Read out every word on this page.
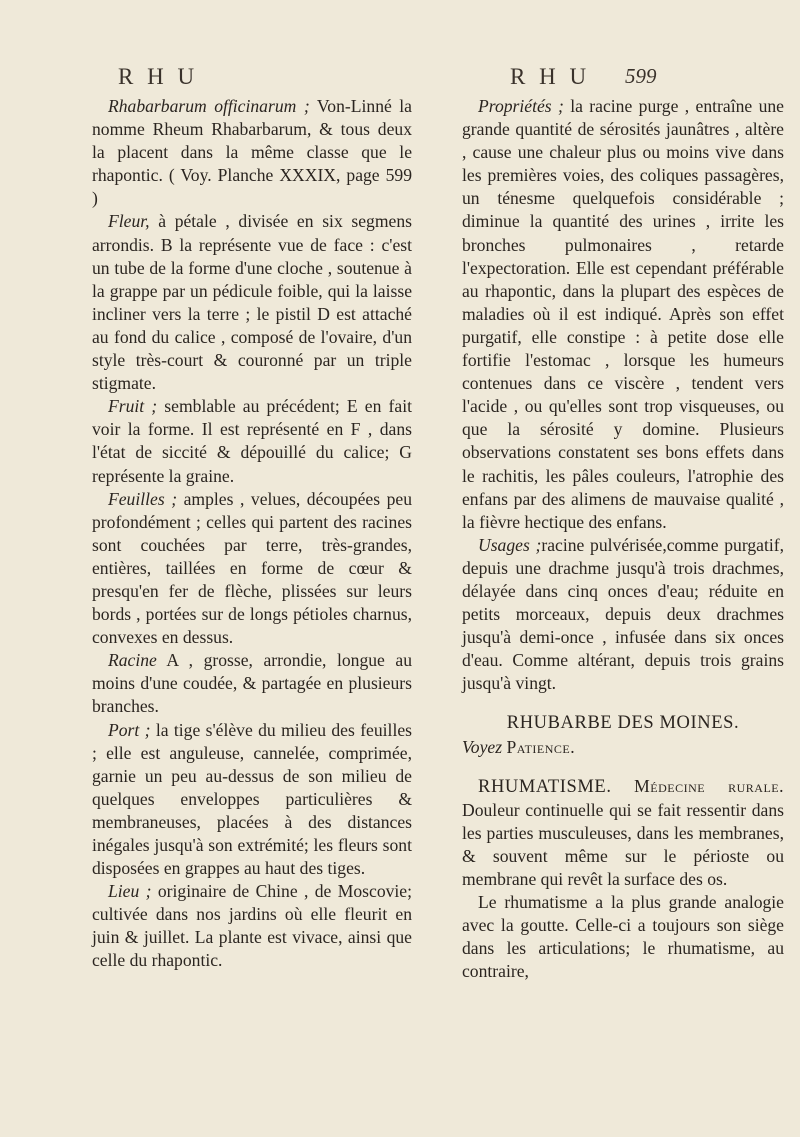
R H U	R H U 599

Rhabarbarum officinarum ; Von-Linné la nomme Rheum Rhabarbarum, & tous deux la placent dans la même classe que le rhapontic. ( Voy. Planche XXXIX, page 599 )

Fleur, à pétale , divisée en six segmens arrondis. B la représente vue de face : c'est un tube de la forme d'une cloche , soutenue à la grappe par un pédicule foible, qui la laisse incliner vers la terre ; le pistil D est attaché au fond du calice , composé de l'ovaire, d'un style très-court & couronné par un triple stigmate.

Fruit ; semblable au précédent; E en fait voir la forme. Il est représenté en F , dans l'état de siccité & dépouillé du calice; G représente la graine.

Feuilles ; amples , velues, découpées peu profondément ; celles qui partent des racines sont couchées par terre, très-grandes, entières, taillées en forme de cœur & presqu'en fer de flèche, plissées sur leurs bords , portées sur de longs pétioles charnus, convexes en dessus.

Racine A , grosse, arrondie, longue au moins d'une coudée, & partagée en plusieurs branches.

Port ; la tige s'élève du milieu des feuilles ; elle est anguleuse, cannelée, comprimée, garnie un peu au-dessus de son milieu de quelques enveloppes particulières & membraneuses, placées à des distances inégales jusqu'à son extrémité; les fleurs sont disposées en grappes au haut des tiges.

Lieu ; originaire de Chine , de Moscovie; cultivée dans nos jardins où elle fleurit en juin & juillet. La plante est vivace, ainsi que celle du rhapontic.

Propriétés ; la racine purge , entraîne une grande quantité de sérosités jaunâtres , altère , cause une chaleur plus ou moins vive dans les premières voies, des coliques passagères, un ténesme quelquefois considérable ; diminue la quantité des urines , irrite les bronches pulmonaires , retarde l'expectoration. Elle est cependant préférable au rhapontic, dans la plupart des espèces de maladies où il est indiqué. Après son effet purgatif, elle constipe : à petite dose elle fortifie l'estomac , lorsque les humeurs contenues dans ce viscère , tendent vers l'acide , ou qu'elles sont trop visqueuses, ou que la sérosité y domine. Plusieurs observations constatent ses bons effets dans le rachitis, les pâles couleurs, l'atrophie des enfans par des alimens de mauvaise qualité , la fièvre hectique des enfans.

Usages ;racine pulvérisée,comme purgatif, depuis une drachme jusqu'à trois drachmes, délayée dans cinq onces d'eau; réduite en petits morceaux, depuis deux drachmes jusqu'à demi-once , infusée dans six onces d'eau. Comme altérant, depuis trois grains jusqu'à vingt.

RHUBARBE DES MOINES.

Voyez Patience.

RHUMATISME. Médecine rurale. Douleur continuelle qui se fait ressentir dans les parties musculeuses, dans les membranes, & souvent même sur le périoste ou membrane qui revêt la surface des os.

Le rhumatisme a la plus grande analogie avec la goutte. Celle-ci a toujours son siège dans les articulations; le rhumatisme, au contraire,
